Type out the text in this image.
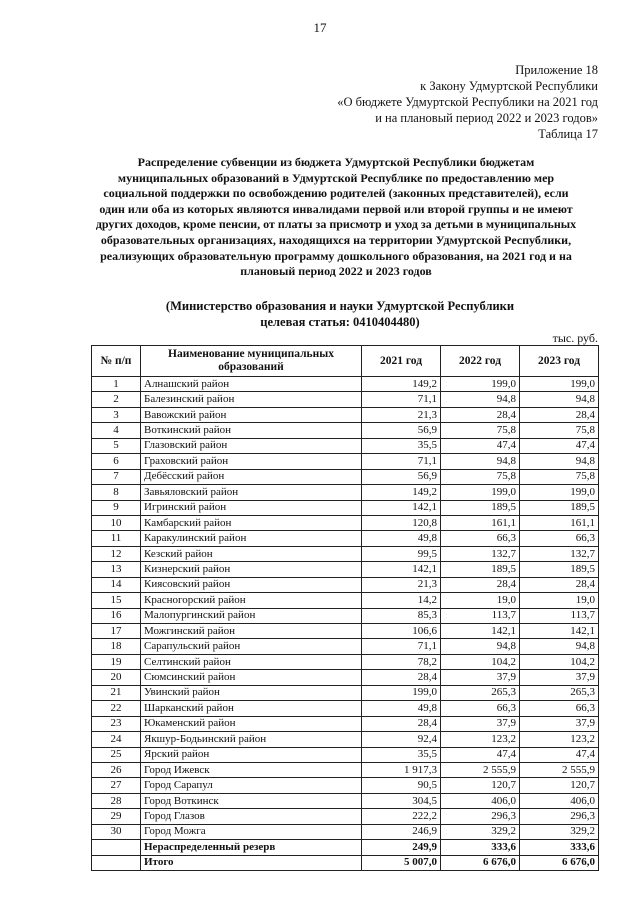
17
Приложение 18
к Закону Удмуртской Республики
«О бюджете Удмуртской Республики на 2021 год
и на плановый период 2022 и 2023 годов»
Таблица 17
Распределение субвенции из бюджета Удмуртской Республики бюджетам муниципальных образований в Удмуртской Республике по предоставлению мер социальной поддержки по освобождению родителей (законных представителей), если один или оба из которых являются инвалидами первой или второй группы и не имеют других доходов, кроме пенсии, от платы за присмотр и уход за детьми в муниципальных образовательных организациях, находящихся на территории Удмуртской Республики, реализующих образовательную программу дошкольного образования, на 2021 год и на плановый период 2022 и 2023 годов
(Министерство образования и науки Удмуртской Республики
целевая статья: 0410404480)
тыс. руб.
№ п/п	Наименование муниципальных образований	2021 год	2022 год	2023 год
1	Алнашский район	149,2	199,0	199,0
2	Балезинский район	71,1	94,8	94,8
3	Вавожский район	21,3	28,4	28,4
4	Воткинский район	56,9	75,8	75,8
5	Глазовский район	35,5	47,4	47,4
6	Граховский район	71,1	94,8	94,8
7	Дебёсский район	56,9	75,8	75,8
8	Завьяловский район	149,2	199,0	199,0
9	Игринский район	142,1	189,5	189,5
10	Камбарский район	120,8	161,1	161,1
11	Каракулинский район	49,8	66,3	66,3
12	Кезский район	99,5	132,7	132,7
13	Кизнерский район	142,1	189,5	189,5
14	Киясовский район	21,3	28,4	28,4
15	Красногорский район	14,2	19,0	19,0
16	Малопургинский район	85,3	113,7	113,7
17	Можгинский район	106,6	142,1	142,1
18	Сарапульский район	71,1	94,8	94,8
19	Селтинский район	78,2	104,2	104,2
20	Сюмсинский район	28,4	37,9	37,9
21	Увинский район	199,0	265,3	265,3
22	Шарканский район	49,8	66,3	66,3
23	Юкаменский район	28,4	37,9	37,9
24	Якшур-Бодьинский район	92,4	123,2	123,2
25	Ярский район	35,5	47,4	47,4
26	Город Ижевск	1 917,3	2 555,9	2 555,9
27	Город Сарапул	90,5	120,7	120,7
28	Город Воткинск	304,5	406,0	406,0
29	Город Глазов	222,2	296,3	296,3
30	Город Можга	246,9	329,2	329,2
	Нераспределенный резерв	249,9	333,6	333,6
	Итого	5 007,0	6 676,0	6 676,0
